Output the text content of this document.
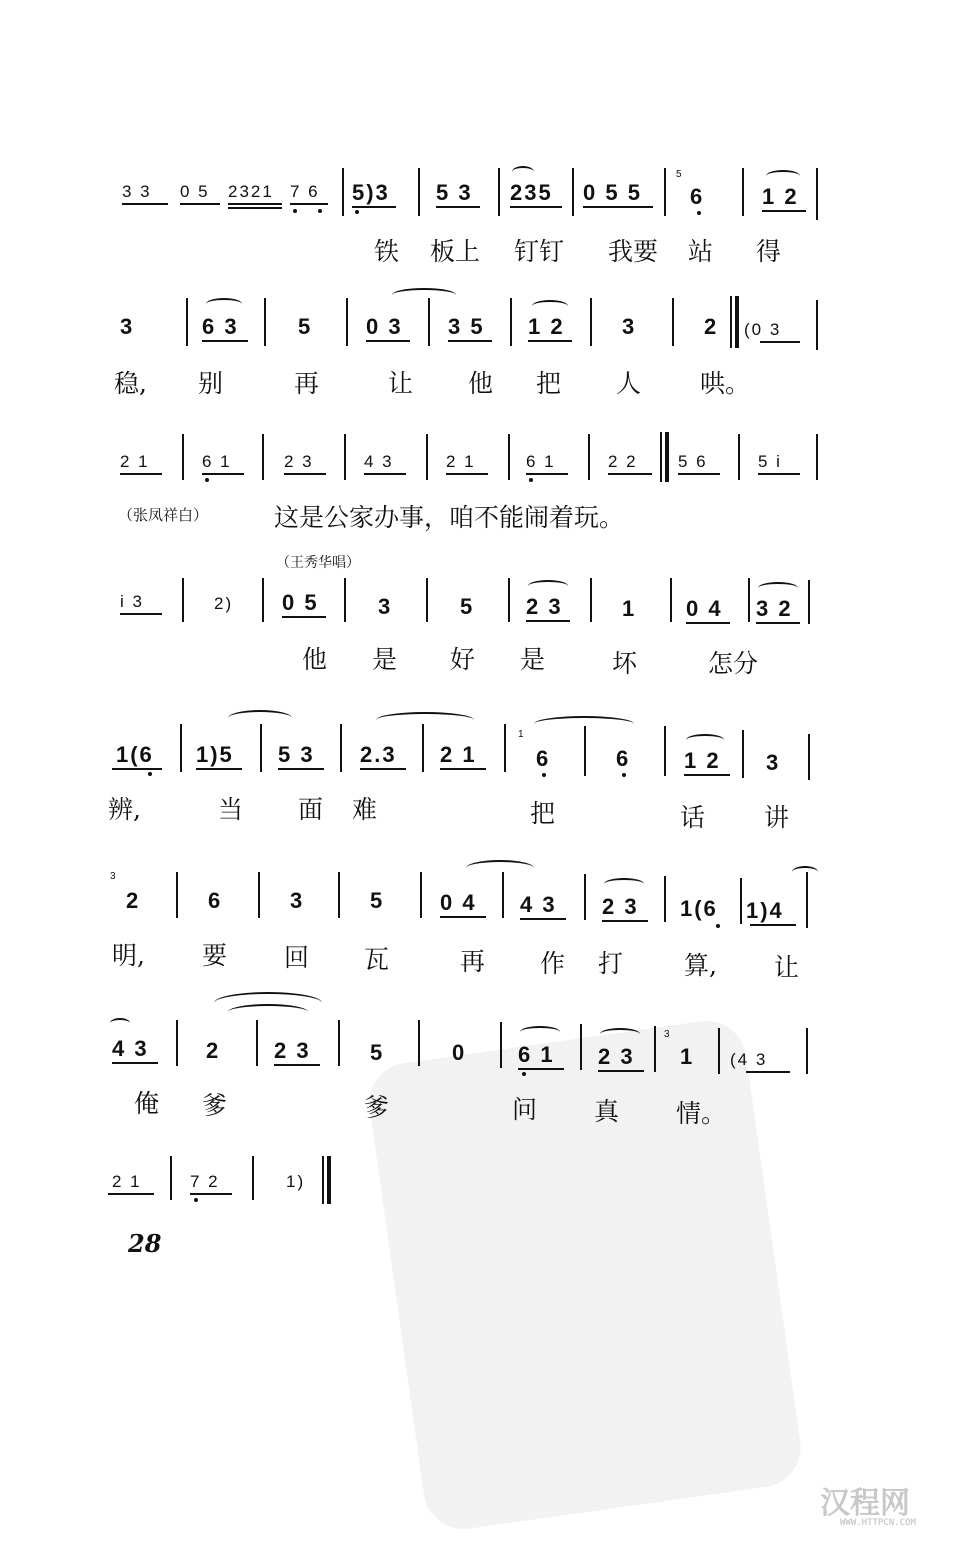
汉程网
WWW.HTTPCN.COM
3 3 0 5 2321 7 6 5)3 5 3 235 0 5 5
5
6	1 2
铁 板上 钉钉 我要 站 得
3	6 3	5 0 3 3 5 1 2	3	2 (0 3
稳, 别	再	让 他 把 人 哄。
2 1	6 1	2 3	4 3	2 1	6 1	2 2 5 6	5 i
（张凤祥白）	这是公家办事，咱不能闹着玩。
（王秀华唱）
i 3	2) 0 5	3	5 2 3	1 0 4 3 2
他 是 好 是	坏	怎分
1(6 1)5 5 3 2.3 2 1
1
6	6 1 2 3
辨,	当 面 难	把	话 讲
3
2	6	3	5	0 4 4 3 2 3 1(6 1)4
明, 要 回 瓦	再 作 打 算, 让
4 3	2 2 3	5	0 6 1 2 3
3
1 (4 3
俺 爹	爹	问 真 情。
2 1	7 2	1)
28
